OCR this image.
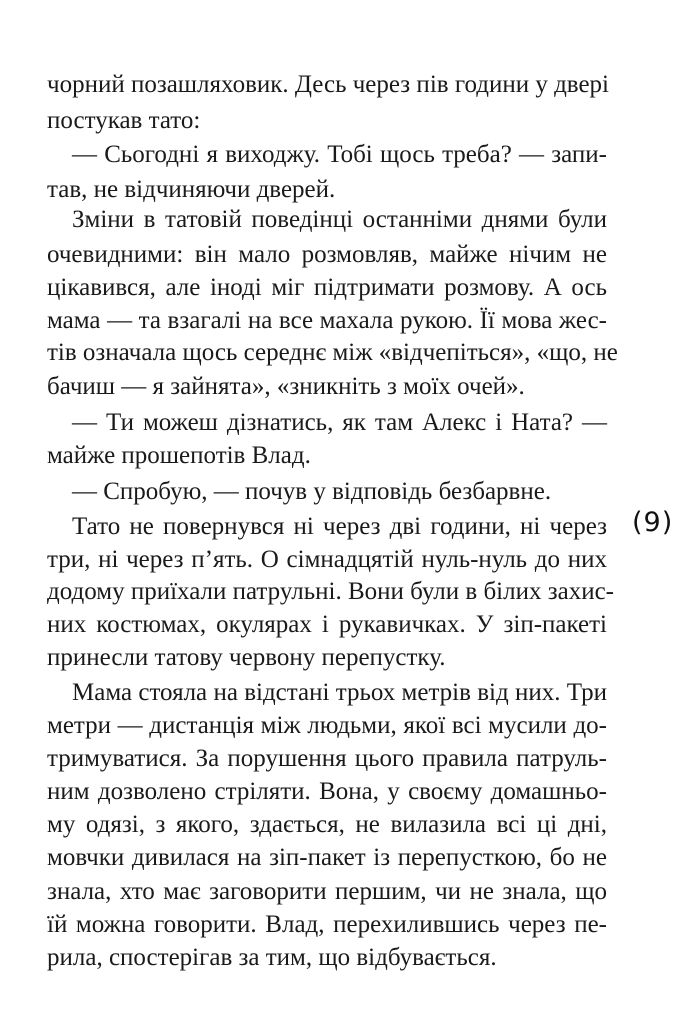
чорний позашляховик. Десь через пів години у двері

постукав тато:

— Сьогодні я виходжу. Тобі щось треба? — запи-

тав, не відчиняючи дверей.

Зміни в татовій поведінці останніми днями були

очевидними: він мало розмовляв, майже нічим не

цікавився, але іноді міг підтримати розмову. А ось

мама — та взагалі на все махала рукою. Її мова жес-

тів означала щось середнє між «відчепіться», «що, не

бачиш — я зайнята», «зникніть з моїх очей».

— Ти можеш дізнатись, як там Алекс і Ната? —

майже прошепотів Влад.

— Спробую, — почув у відповідь безбарвне.

Тато не повернувся ні через дві години, ні через

три, ні через п’ять. О сімнадцятій нуль-нуль до них

додому приїхали патрульні. Вони були в білих захис-

них костюмах, окулярах і рукавичках. У зіп-пакеті

принесли татову червону перепустку.

Мама стояла на відстані трьох метрів від них. Три

метри — дистанція між людьми, якої всі мусили до-

тримуватися. За порушення цього правила патруль-

ним дозволено стріляти. Вона, у своєму домашньо-

му одязі, з якого, здається, не вилазила всі ці дні,

мовчки дивилася на зіп-пакет із перепусткою, бо не

знала, хто має заговорити першим, чи не знала, що

їй можна говорити. Влад, перехилившись через пе-

рила, спостерігав за тим, що відбувається.

(9)
